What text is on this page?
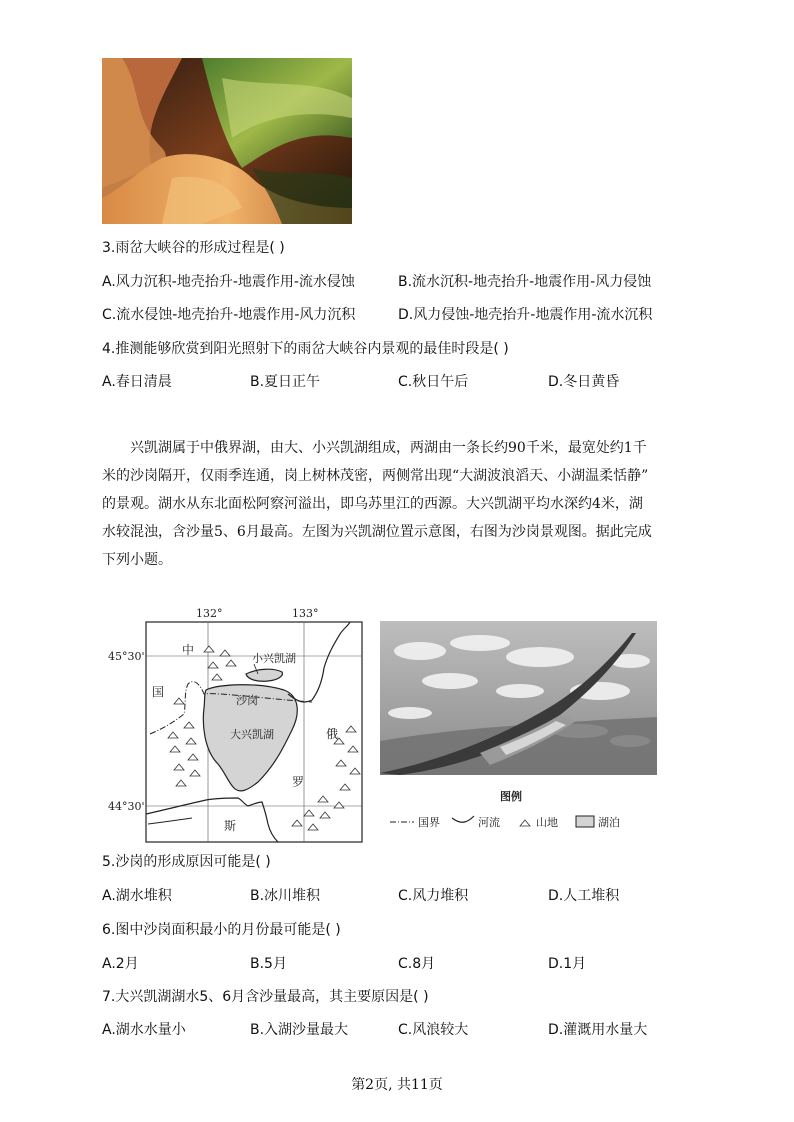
3.雨岔大峡谷的形成过程是( )
A.风力沉积-地壳抬升-地震作用-流水侵蚀	B.流水沉积-地壳抬升-地震作用-风力侵蚀
C.流水侵蚀-地壳抬升-地震作用-风力沉积	D.风力侵蚀-地壳抬升-地震作用-流水沉积
4.推测能够欣赏到阳光照射下的雨岔大峡谷内景观的最佳时段是( )
A.春日清晨	B.夏日正午	C.秋日午后	D.冬日黄昏
兴凯湖属于中俄界湖，由大、小兴凯湖组成，两湖由一条长约90千米，最宽处约1千
米的沙岗隔开，仅雨季连通，岗上树林茂密，两侧常出现“大湖波浪滔天、小湖温柔恬静”
的景观。湖水从东北面松阿察河溢出，即乌苏里江的西源。大兴凯湖平均水深约4米，湖
水较混浊，含沙量5、6月最高。左图为兴凯湖位置示意图，右图为沙岗景观图。据此完成
下列小题。
132°	133°
45°30'
44°30'
中
国
俄
罗
斯
小兴凯湖
沙岗
大兴凯湖
图例
国界	河流	山地	湖泊
5.沙岗的形成原因可能是( )
A.湖水堆积	B.冰川堆积	C.风力堆积	D.人工堆积
6.图中沙岗面积最小的月份最可能是( )
A.2月	B.5月	C.8月	D.1月
7.大兴凯湖湖水5、6月含沙量最高，其主要原因是( )
A.湖水水量小	B.入湖沙量最大	C.风浪较大	D.灌溉用水量大
第2页, 共11页
